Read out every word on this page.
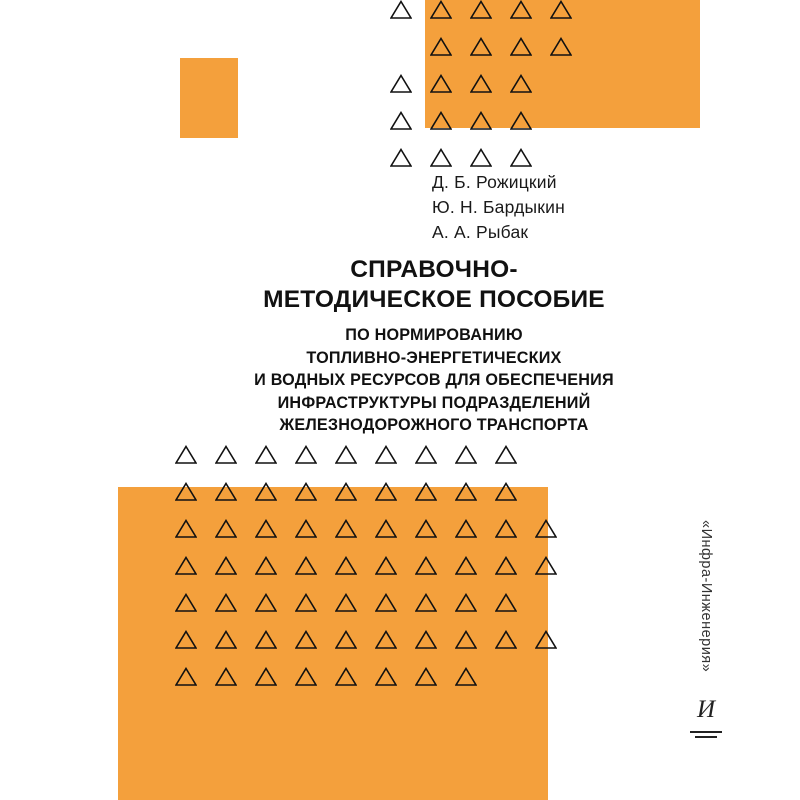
Д. Б. Рожицкий
Ю. Н. Бардыкин
А. А. Рыбак
СПРАВОЧНО-
МЕТОДИЧЕСКОЕ ПОСОБИЕ
ПО НОРМИРОВАНИЮ
ТОПЛИВНО-ЭНЕРГЕТИЧЕСКИХ
И ВОДНЫХ РЕСУРСОВ ДЛЯ ОБЕСПЕЧЕНИЯ
ИНФРАСТРУКТУРЫ ПОДРАЗДЕЛЕНИЙ
ЖЕЛЕЗНОДОРОЖНОГО ТРАНСПОРТА
«Инфра-Инженерия»
И
